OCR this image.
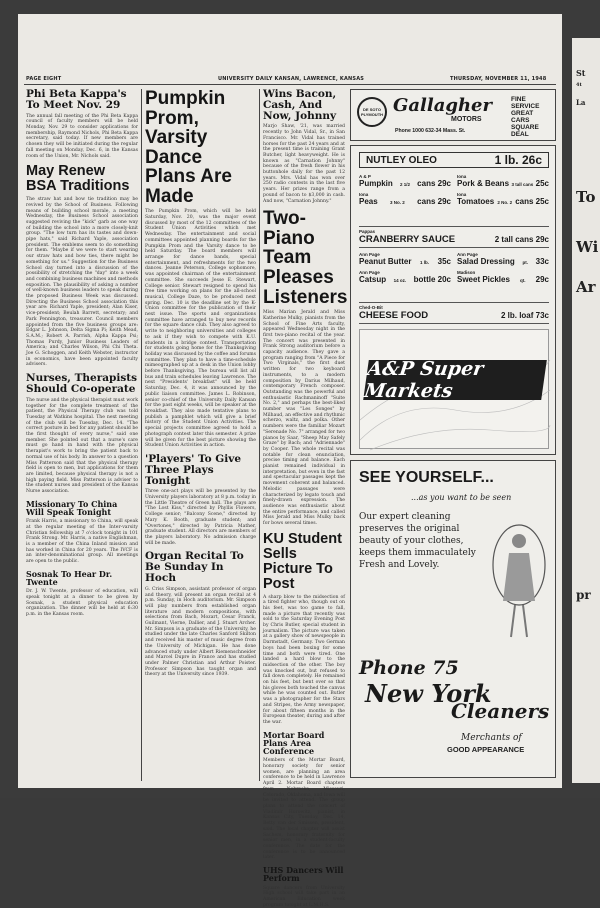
St
4t
La
To
Wi
Ar
pr
PAGE EIGHT	UNIVERSITY DAILY KANSAN, LAWRENCE, KANSAS	THURSDAY, NOVEMBER 11, 1948
Phi Beta Kappa's To Meet Nov. 29
The annual fall meeting of the Phi Beta Kappa council of faculty members will be held Monday, Nov. 29 to consider applications for membership, Raymond Nichols, Phi Beta Kappa secretary, said today. If new members are chosen they will be initiated during the regular fall meeting on Monday, Dec. 6, in the Kansas room of the Union, Mr. Nichols said.
May Renew BSA Traditions
The straw hat and bow tie tradition may be revived by the School of Business. Following means of building school morale, a meeting Wednesday, the Business School association suggested reviving the "kick" garb as one way of building the school into a more closely-knit group. "The low turn has its tastes and down-pipe hats," said Richard Yaple, association president. The emblems seem to do something for them. "Maybe if we were to start wearing our straw hats and bow ties, there might be something for us." Suggestion for the Business School day turned into a discussion of the possibility of stretching the "day" into a week and combining business machines and methods exposition. The plausibility of asking a number of well-known business leaders to speak during the proposed Business Week was discussed. Directing the Business School association this year are: Richard Yaple, president; Alan Kiser, vice-president; Beulah Barrett, secretary; and Park Pennington, treasurer. Council members appointed from the five business groups are: Edgar L. Johnson, Delta Sigma Pi; Keith Mead, S.A.M.; Robert A. Parrish, Alpha Kappa Psi; Thomas Purdy, Junior Business Leaders of America; and Charles Wilson, Phi Chi Theta. Joe G. Schoggen, and Keith Webster, instructor in economics, have been appointed faculty advisers.
Nurses, Therapists Should Co-operate
The nurse and the physical therapist must work together for the complete treatment of the patient, the Physical Therapy club was told Tuesday at Watkins hospital. The next meeting of the club will be Tuesday, Dec. 14. "The correct posture in bed for any patient should be the first thought of every nurse," said one member. She pointed out that a nurse's care must go hand in hand with the physical therapist's work to bring the patient back to normal use of his body. In answer to a question Miss Patterson said that the physical therapy field is open to men, but applications for them are limited, because physical therapy is not a high paying field. Miss Patterson is adviser to the student nurses and president of the Kansas Nurse association.
Missionary To China Will Speak Tonight
Frank Harris, a missionary to China, will speak at the regular meeting of the Inter-varsity Christian fellowship at 7 o'clock tonight in 101 Frank Strong. Mr. Harris, a native Englishman, is a member of the China Inland mission and has worked in China for 20 years. The IVCF is an inter-denominational group. All meetings are open to the public.
Sosnak To Hear Dr. Twente
Dr. J. W. Twente, professor of education, will speak tonight at a dinner to be given by Sosnak, a student physical education organization. The dinner will be held at 6:30 p.m. in the Kansas room.
Pumpkin Prom, Varsity Dance Plans Are Made
The Pumpkin Prom, which will be held Saturday, Nov. 20, was the major event discussed by most of the 12 committees of the Student Union Activities which met Wednesday. The entertainment and social committees appointed planning boards for the Pumpkin Prom and the Varsity dance to be held Saturday. The board members will arrange for dance bands, special entertainment, and refreshments for the two dances. Jeanne Peterson, College sophomore, was appointed chairman of the entertainment committee. She succeeds Jesse E. Stewart, College senior. Stewart resigned to spend his free time working on plans for the all-school musical, College Daze, to be produced next spring. Dec. 10 is the deadline set by the K-Union committee for the publication of their next issue. The sports and organizations committee have arranged to buy new records for the square dance club. They also agreed to write to neighboring universities and colleges to ask if they wish to compete with K.U. students in a bridge contest. Transportation for students going home for the Thanksgiving holiday was discussed by the coffee and forums committee. They plan to have a time-schedule mimeographed up at a desk in the Union lobby before Thanksgiving. The bureau will list all bus and train schedules leaving Lawrence. The next "Presidents' breakfast" will be held Saturday, Dec. 4, it was announced by the public liaison committee. James L. Robinson, senior co-chief of the University Daily Kansan for the past eight weeks, will be speaker at the breakfast. They also made tentative plans to publish a pamphlet which will give a brief history of the Student Union Activities. The special projects committee agreed to hold a photograph contest later this semester. A prize will be given for the best picture showing the Student Union Activities in action.
'Players' To Give Three Plays Tonight
Three one-act plays will be presented by the University players laboratory at 8 p.m. today in the Little Theatre of Green hall. The plays are "The Lost Kiss," directed by Phyllis Flowers, College senior; "Balcony Scene," directed by Mary K. Booth, graduate student; and "Overtones," directed by Patricia Mather, graduate student. All directors are members of the players laboratory. No admission charge will be made.
Organ Recital To Be Sunday In Hoch
G. Criss Simpson, assistant professor of organ and theory, will present an organ recital at 4 p.m. Sunday, in Hoch auditorium. Mr. Simpson will play numbers from established organ literature and modern compositions, with selections from Bach, Mozart, Cesar Franck, Guilmant, Vierne, Dallier, and J. Stuart Archer. Mr. Simpson is a graduate of the University, he studied under the late Charles Sanford Skilton and received his master of music degree from the University of Michigan. He has done advanced study under Albert Riemenschneider and Marcel Dupre in France and has studied under Palmer Christian and Arthur Poister. Professor Simpson has taught organ and theory at the University since 1939.
Wins Bacon, Cash, And Now, Johnny
Marjo Shaw, '21, was married recently to John Vidal, Sr., in San Francisco. Mr. Vidal has trained horses for the past 24 years and at the present time is training Grant Butcher, light heavyweight. He is known as "Carnation Johnny" because of the fresh flower in his buttonhole daily for the past 12 years. Mrs. Vidal has won over 250 radio contests in the last five years. Her prizes range from a pound of bacon to $3,000 in cash. And now, "Carnation Johnny."
Two-Piano Team Pleases Listeners
Miss Marian Jerald and Miss Katherine Mulky, pianists from the School of Fine Arts faculty, appeared Wednesday night in the first two-piano recital of the year. The concert was presented in Frank Strong auditorium before a capacity audience. They gave a program ranging from "A Piece for Two Virginals," the first duet written for two keyboard instruments, to a modern composition by Darius Milhaud, contemporary French composer. Outstanding was the powerful and enthusiastic Rachmaninoff "Suite No. 2," and perhaps the best-liked number was "Les Songes" by Milhaud, an effective and rhythmic scherzo, waltz, and polka. Other numbers were the familiar Mozart "Serenade No. 7" arranged for two pianos by Saar, "Sheep May Safely Graze" by Bach; and "Adriennade" by Cooper. The whole recital was notable for clean enunciation, precise timing and balance. Each pianist remained individual in interpretation, but even in the fast and spectacular passages kept the movement coherent and balanced. Melodic passages were characterized by legato touch and finely-drawn expression. The audience was enthusiastic about the entire performance, and called Miss Jerald and Miss Mulky back for bows several times.
KU Student Sells Picture To Post
A sharp blow to the midsection of a tired fighter who, though out on his feet, was too game to fall, made a picture that recently was sold to the Saturday Evening Post by Chris Butler, special student in journalism. The picture was taken at a gallery show of newspeople in Darmstadt, Germany. Two German boys had been boxing for some time and both were tired. One landed a hard blow to the midsection of the other. The boy was knocked out, but refused to fall down completely. He remained on his feet, but bent over so that his gloves both touched the canvas while he was counted out. Butler was a photographer for the Stars and Stripes, the Army newspaper, for about fifteen months in the European theater, during and after the war.
Mortar Board Plans Area Conference
Members of the Mortar Board, honorary society for senior women, are planning an area conference to be held in Lawrence April 2. Mortar Board chapters from Nebraska, Missouri, Colorado, Oklahoma, and Iowa will be invited to attend. The group plans to attend the concert of Vladimir Horowitz, pianist, in Kansas City, Tuesday, Dec. 14, Betty van der Smissen, president, said. The local chapter will assist Sachem, honorary fraternity for senior men, in a student-faculty conference. The date for the conference is to be announced later.
UHS Dancers Will Perform
Square dancers from University High school will take part in an American Education week program tonight at L.M.H.S.
DE SOTO PLYMOUTH Gallagher
MOTORS
Phone 1000 632-34 Mass. St.
FINE
SERVICE
GREAT
CARS
SQUARE
DEAL
NUTLEY OLEO	1 lb. 26c
A & P
Pumpkin 2 1/2 cans 29c
Iona
Pork & Beans 3 tall cans 25c
Iona
Peas	3 No. 2 cans 29c
Iona
Tomatoes 2 No. 2 cans 25c
Pappas
CRANBERRY SAUCE	2 tall cans 29c
Ann Page
Peanut Butter 1 lb. 35c
Ann Page
Salad Dressing pt. 33c
Ann Page
Catsup 14 oz. bottle 20c
Madison
Sweet Pickles qt. 29c
Ched-O-Bit
CHEESE FOOD	2 lb. loaf 73c
A&P Super Markets
SEE YOURSELF...
...as you want to be seen
Our expert cleaning preserves the original beauty of your clothes, keeps them immaculately Fresh and Lovely.
Phone 75
New York
Cleaners
Merchants of
GOOD APPEARANCE
